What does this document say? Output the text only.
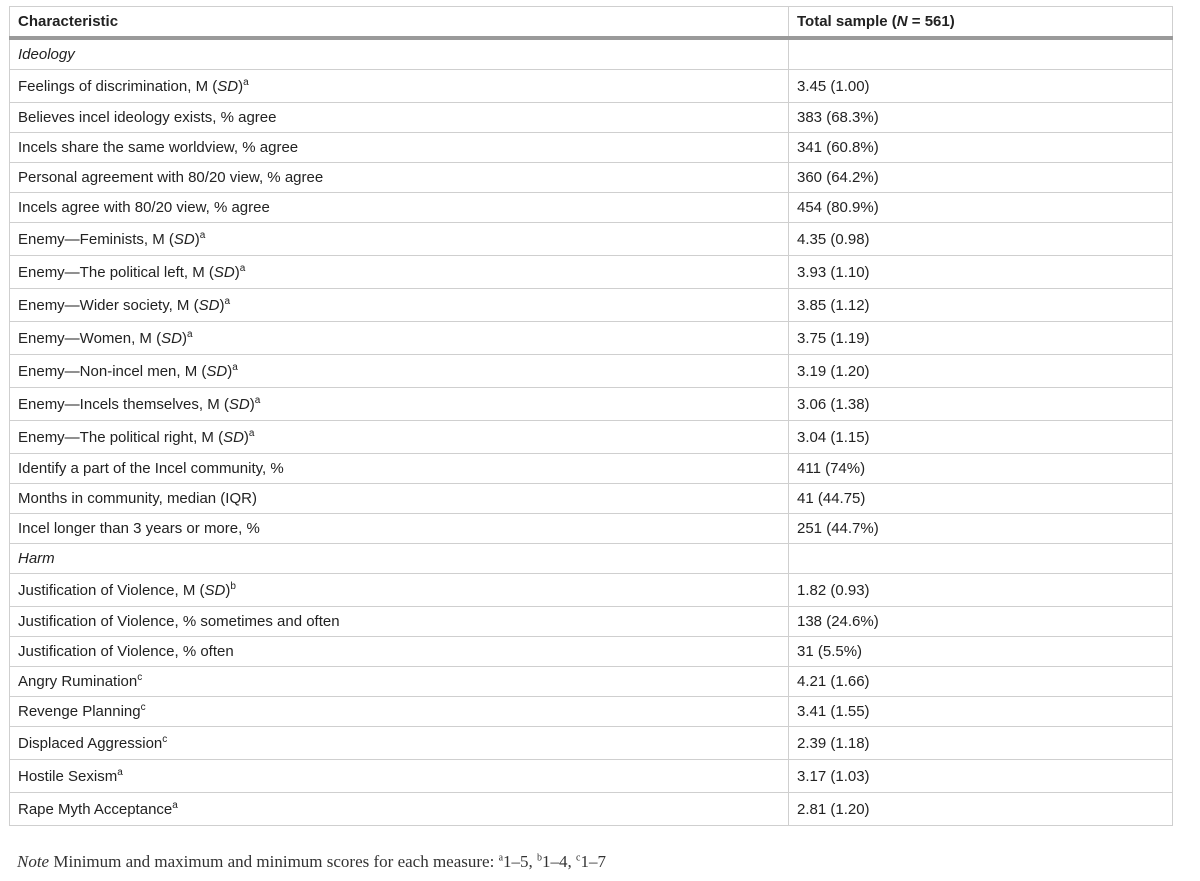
Characteristic	Total sample (N = 561)
Ideology	
Feelings of discrimination, M (SD)$^a$	3.45 (1.00)
Believes incel ideology exists, % agree	383 (68.3%)
Incels share the same worldview, % agree	341 (60.8%)
Personal agreement with 80/20 view, % agree	360 (64.2%)
Incels agree with 80/20 view, % agree	454 (80.9%)
Enemy—Feminists, M (SD)$^a$	4.35 (0.98)
Enemy—The political left, M (SD)$^a$	3.93 (1.10)
Enemy—Wider society, M (SD)$^a$	3.85 (1.12)
Enemy—Women, M (SD)$^a$	3.75 (1.19)
Enemy—Non-incel men, M (SD)$^a$	3.19 (1.20)
Enemy—Incels themselves, M (SD)$^a$	3.06 (1.38)
Enemy—The political right, M (SD)$^a$	3.04 (1.15)
Identify a part of the Incel community, %	411 (74%)
Months in community, median (IQR)	41 (44.75)
Incel longer than 3 years or more, %	251 (44.7%)
Harm	
Justification of Violence, M (SD)$^b$	1.82 (0.93)
Justification of Violence, % sometimes and often	138 (24.6%)
Justification of Violence, % often	31 (5.5%)
Angry Rumination$^c$	4.21 (1.66)
Revenge Planning$^c$	3.41 (1.55)
Displaced Aggression$^c$	2.39 (1.18)
Hostile Sexism$^a$	3.17 (1.03)
Rape Myth Acceptance$^a$	2.81 (1.20)
Note Minimum and maximum and minimum scores for each measure: $^a$1–5, $^b$1–4, $^c$1–7
